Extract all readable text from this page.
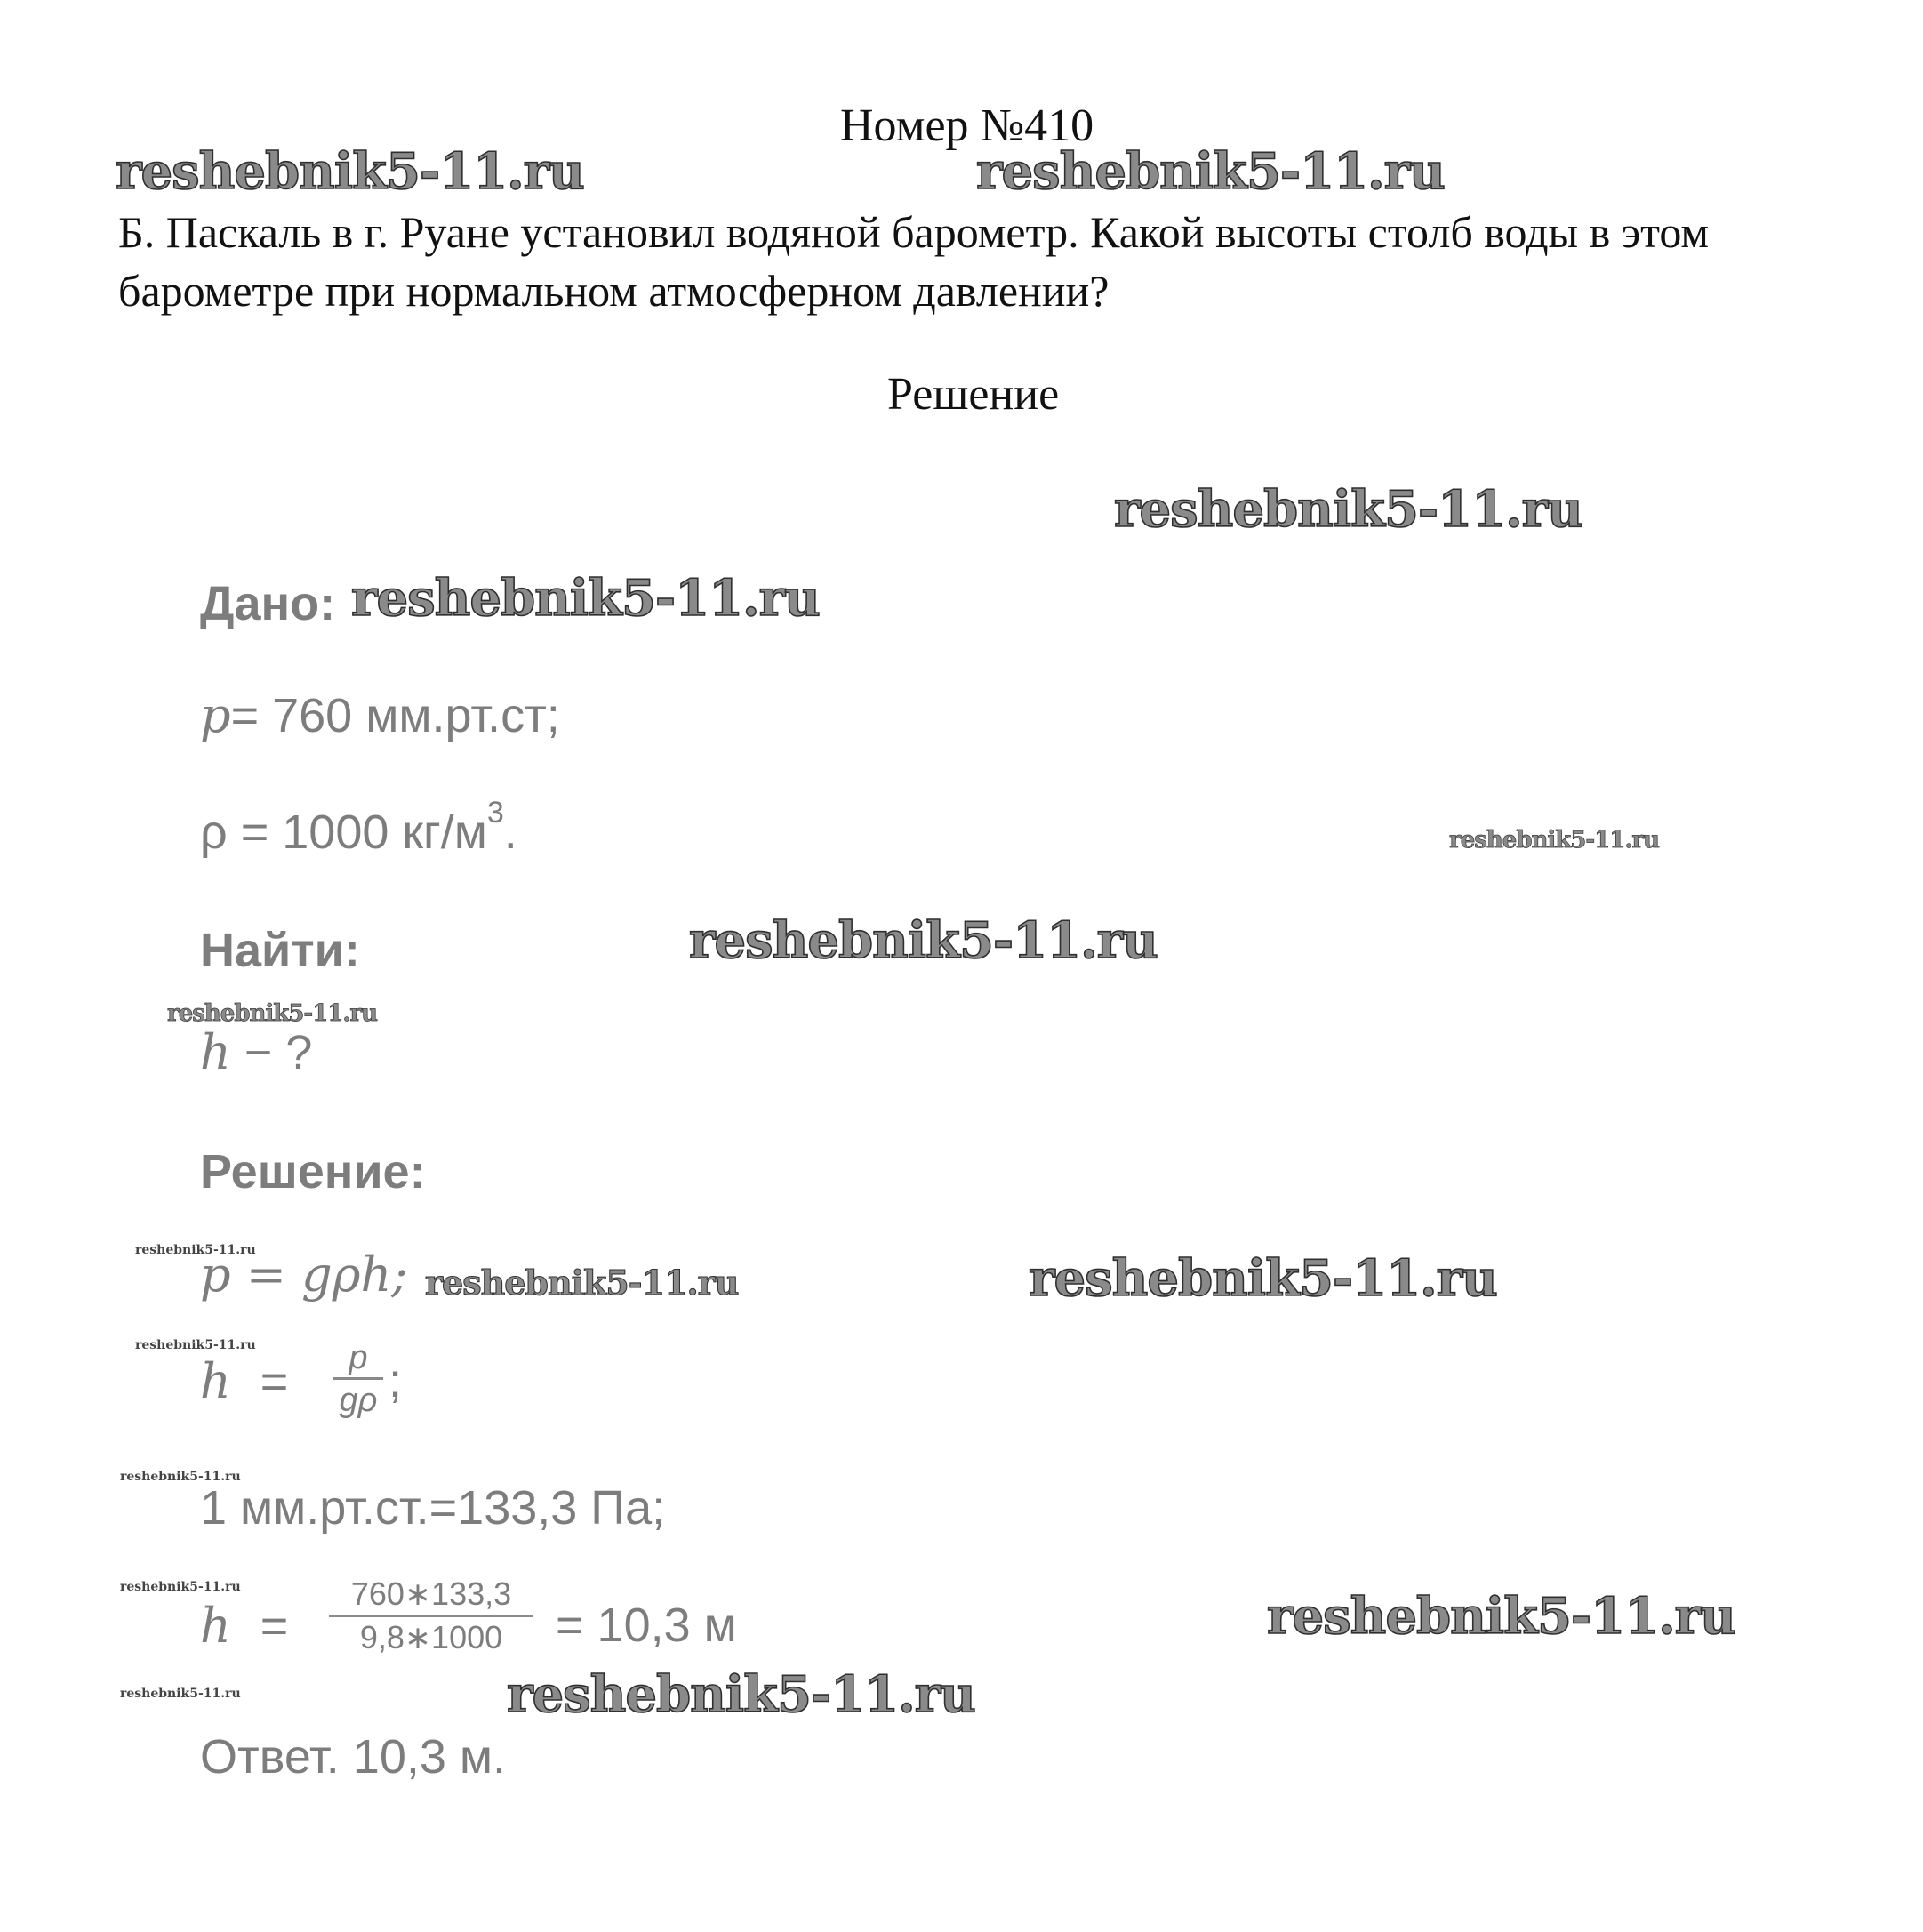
Номер №410
reshebnik5-11.ru	reshebnik5-11.ru
Б. Паскаль в г. Руане установил водяной барометр. Какой высоты столб воды в этом барометре при нормальном атмосферном давлении?
Решение
reshebnik5-11.ru
reshebnik5-11.ru
reshebnik5-11.ru
reshebnik5-11.ru
reshebnik5-11.ru
reshebnik5-11.ru
reshebnik5-11.ru	reshebnik5-11.ru
reshebnik5-11.ru
reshebnik5-11.ru
reshebnik5-11.ru	reshebnik5-11.ru
reshebnik5-11.ru	reshebnik5-11.ru
Дано:
p= 760 мм.рт.ст;
ρ = 1000 $кг/м^3$.
Найти:
h − ?
Решение:
p = gρh;
h =	p
gρ ;
1 мм.рт.ст.=133,3 Па;
h =
760∗133,3
9,8∗1000	= 10,3 м
Ответ. 10,3 м.
